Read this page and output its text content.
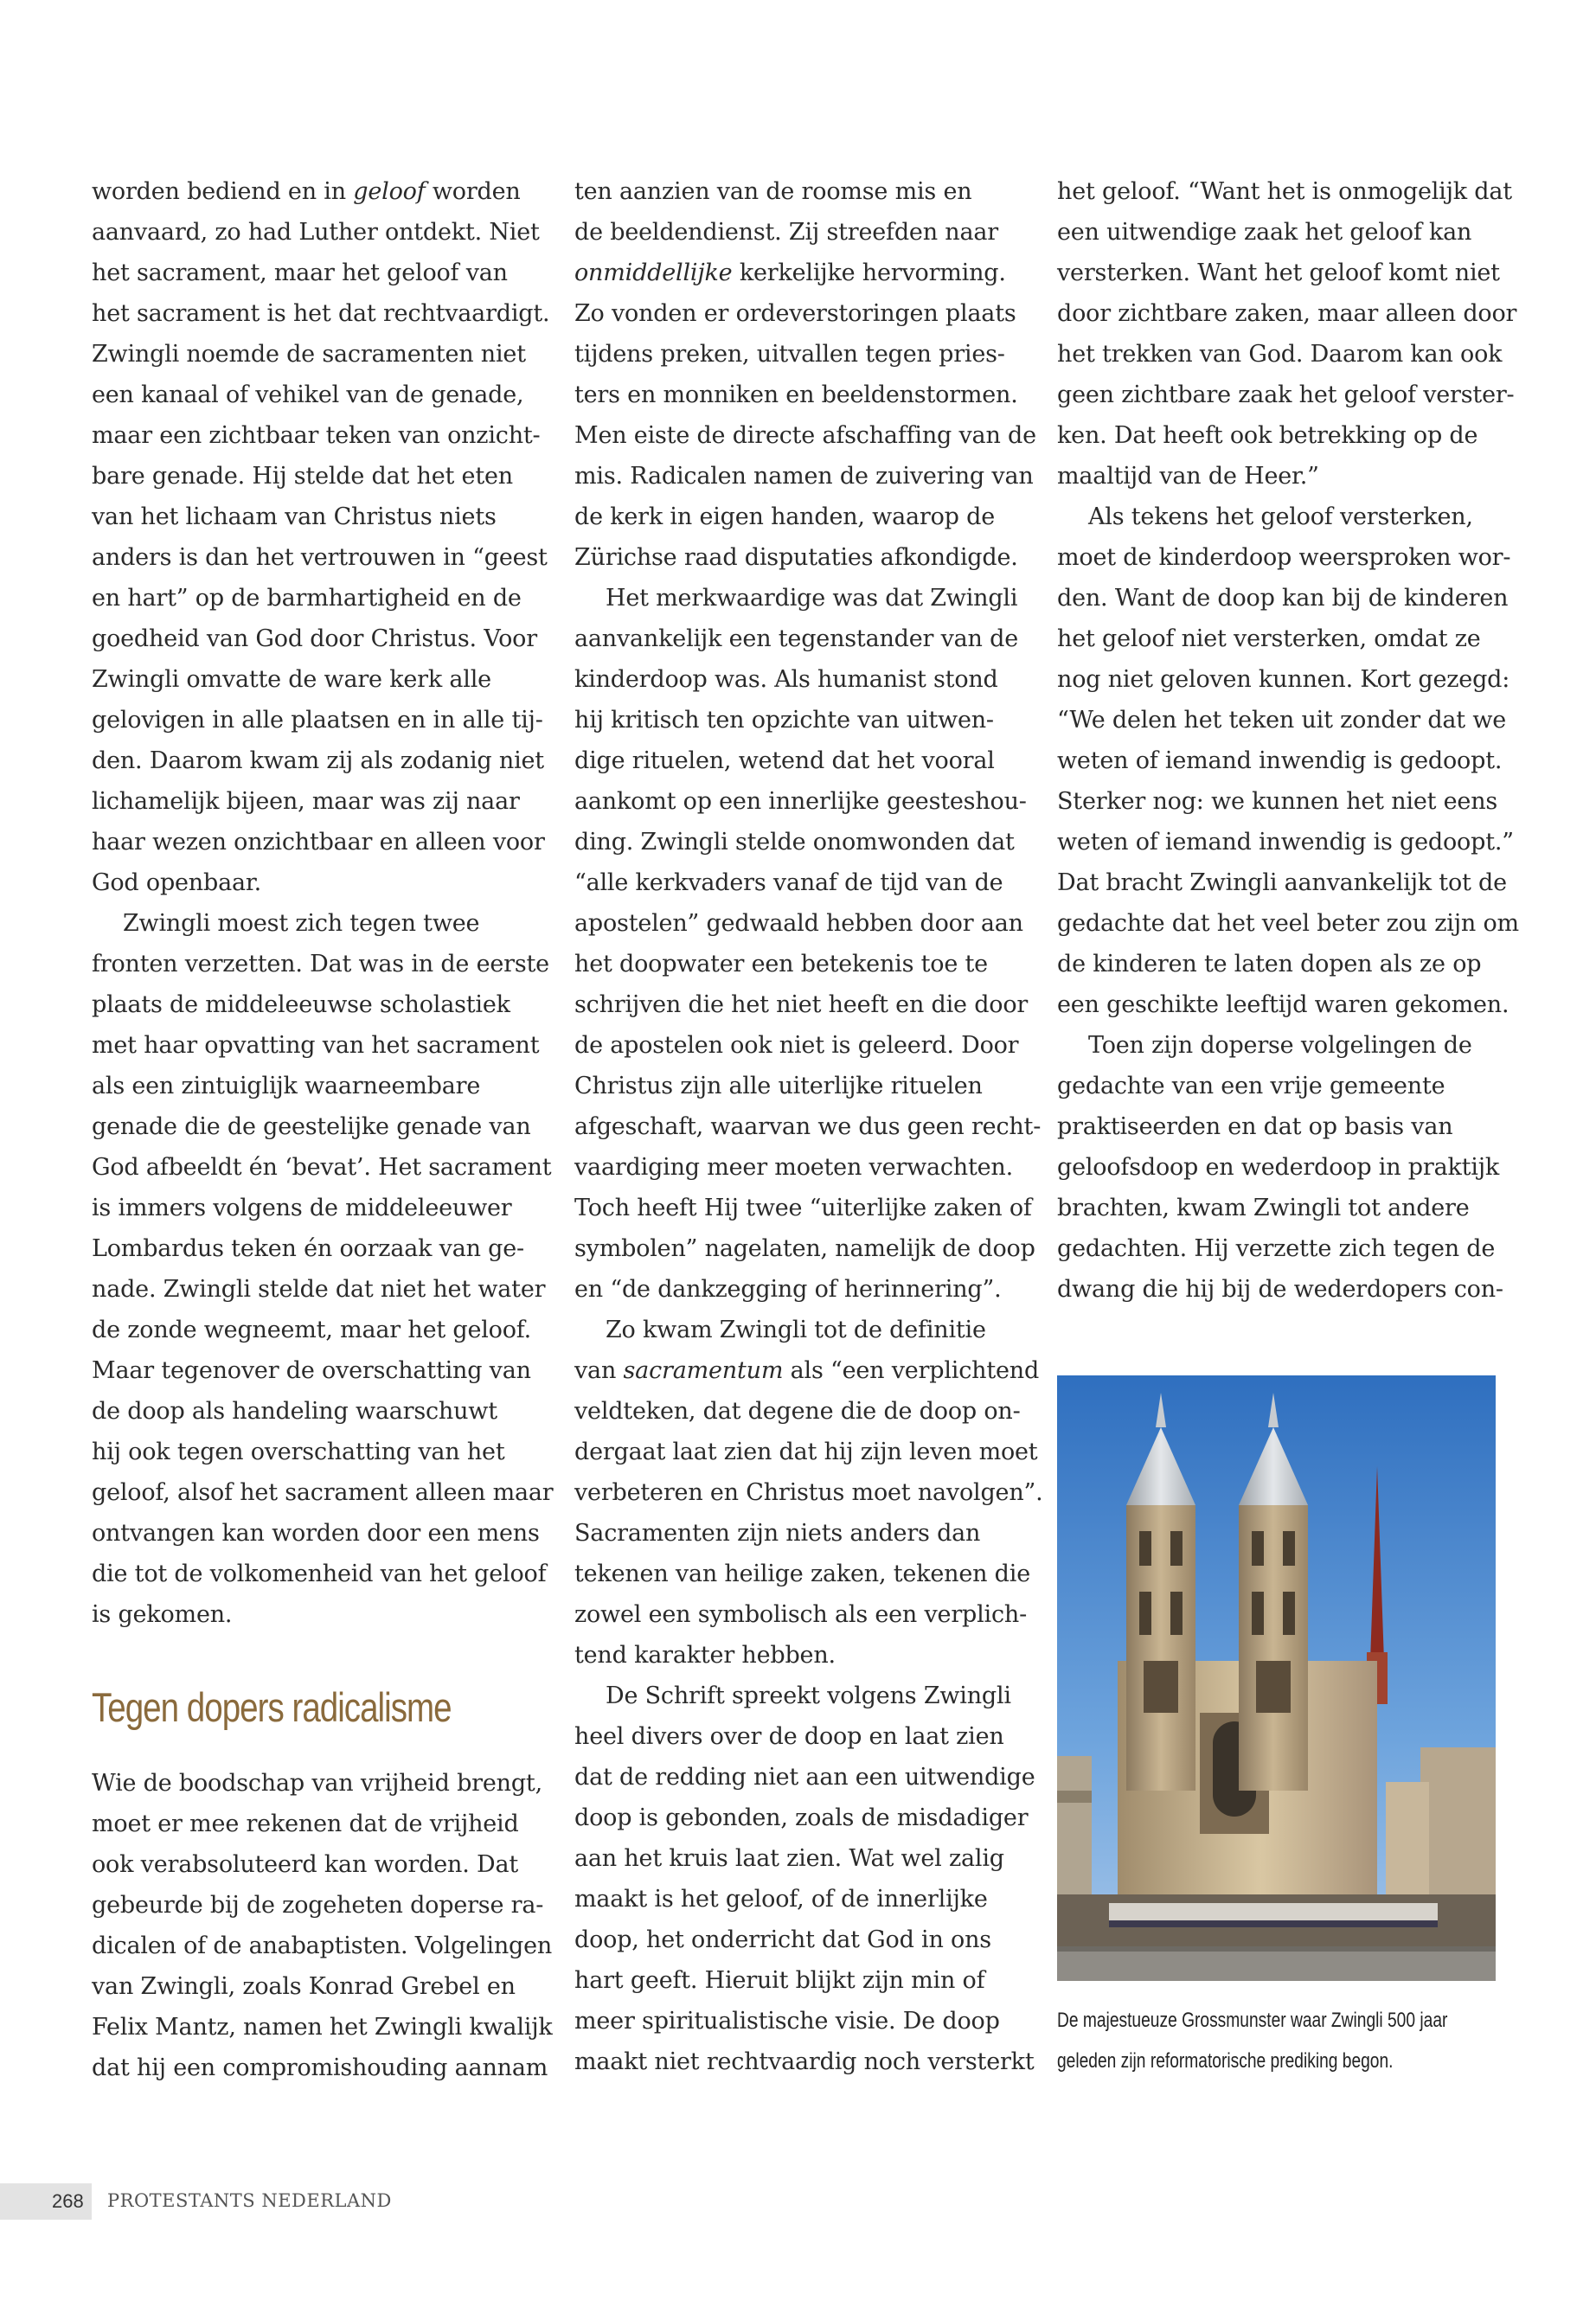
worden bediend en in geloof worden
aanvaard, zo had Luther ontdekt. Niet
het sacrament, maar het geloof van
het sacrament is het dat rechtvaardigt.
Zwingli noemde de sacramenten niet
een kanaal of vehikel van de genade,
maar een zichtbaar teken van onzicht-
bare genade. Hij stelde dat het eten
van het lichaam van Christus niets
anders is dan het vertrouwen in “geest
en hart” op de barmhartigheid en de
goedheid van God door Christus. Voor
Zwingli omvatte de ware kerk alle
gelovigen in alle plaatsen en in alle tij-
den. Daarom kwam zij als zodanig niet
lichamelijk bijeen, maar was zij naar
haar wezen onzichtbaar en alleen voor
God openbaar.

Zwingli moest zich tegen twee
fronten verzetten. Dat was in de eerste
plaats de middeleeuwse scholastiek
met haar opvatting van het sacrament
als een zintuiglijk waarneembare
genade die de geestelijke genade van
God afbeeldt én ‘bevat’. Het sacrament
is immers volgens de middeleeuwer
Lombardus teken én oorzaak van ge-
nade. Zwingli stelde dat niet het water
de zonde wegneemt, maar het geloof.
Maar tegenover de overschatting van
de doop als handeling waarschuwt
hij ook tegen overschatting van het
geloof, alsof het sacrament alleen maar
ontvangen kan worden door een mens
die tot de volkomenheid van het geloof
is gekomen.

Wie de boodschap van vrijheid brengt,
moet er mee rekenen dat de vrijheid
ook verabsoluteerd kan worden. Dat
gebeurde bij de zogeheten doperse ra-
dicalen of de anabaptisten. Volgelingen
van Zwingli, zoals Konrad Grebel en
Felix Mantz, namen het Zwingli kwalijk
dat hij een compromishouding aannam

Tegen dopers radicalisme

ten aanzien van de roomse mis en
de beeldendienst. Zij streefden naar
onmiddellijke kerkelijke hervorming.
Zo vonden er ordeverstoringen plaats
tijdens preken, uitvallen tegen pries-
ters en monniken en beeldenstormen.
Men eiste de directe afschaffing van de
mis. Radicalen namen de zuivering van
de kerk in eigen handen, waarop de
Zürichse raad disputaties afkondigde.

Het merkwaardige was dat Zwingli
aanvankelijk een tegenstander van de
kinderdoop was. Als humanist stond
hij kritisch ten opzichte van uitwen-
dige rituelen, wetend dat het vooral
aankomt op een innerlijke geesteshou-
ding. Zwingli stelde onomwonden dat
“alle kerkvaders vanaf de tijd van de
apostelen” gedwaald hebben door aan
het doopwater een betekenis toe te
schrijven die het niet heeft en die door
de apostelen ook niet is geleerd. Door
Christus zijn alle uiterlijke rituelen
afgeschaft, waarvan we dus geen recht-
vaardiging meer moeten verwachten.
Toch heeft Hij twee “uiterlijke zaken of
symbolen” nagelaten, namelijk de doop
en “de dankzegging of herinnering”.

Zo kwam Zwingli tot de definitie
van sacramentum als “een verplichtend
veldteken, dat degene die de doop on-
dergaat laat zien dat hij zijn leven moet
verbeteren en Christus moet navolgen”.
Sacramenten zijn niets anders dan
tekenen van heilige zaken, tekenen die
zowel een symbolisch als een verplich-
tend karakter hebben.

De Schrift spreekt volgens Zwingli
heel divers over de doop en laat zien
dat de redding niet aan een uitwendige
doop is gebonden, zoals de misdadiger
aan het kruis laat zien. Wat wel zalig
maakt is het geloof, of de innerlijke
doop, het onderricht dat God in ons
hart geeft. Hieruit blijkt zijn min of
meer spiritualistische visie. De doop
maakt niet rechtvaardig noch versterkt

het geloof. “Want het is onmogelijk dat
een uitwendige zaak het geloof kan
versterken. Want het geloof komt niet
door zichtbare zaken, maar alleen door
het trekken van God. Daarom kan ook
geen zichtbare zaak het geloof verster-
ken. Dat heeft ook betrekking op de
maaltijd van de Heer.”

Als tekens het geloof versterken,
moet de kinderdoop weersproken wor-
den. Want de doop kan bij de kinderen
het geloof niet versterken, omdat ze
nog niet geloven kunnen. Kort gezegd:
“We delen het teken uit zonder dat we
weten of iemand inwendig is gedoopt.
Sterker nog: we kunnen het niet eens
weten of iemand inwendig is gedoopt.”
Dat bracht Zwingli aanvankelijk tot de
gedachte dat het veel beter zou zijn om
de kinderen te laten dopen als ze op
een geschikte leeftijd waren gekomen.

Toen zijn doperse volgelingen de
gedachte van een vrije gemeente
praktiseerden en dat op basis van
geloofsdoop en wederdoop in praktijk
brachten, kwam Zwingli tot andere
gedachten. Hij verzette zich tegen de
dwang die hij bij de wederdopers con-

De majestueuze Grossmunster waar Zwingli 500 jaar
geleden zijn reformatorische prediking begon.
268 PROTESTANTS NEDERLAND
